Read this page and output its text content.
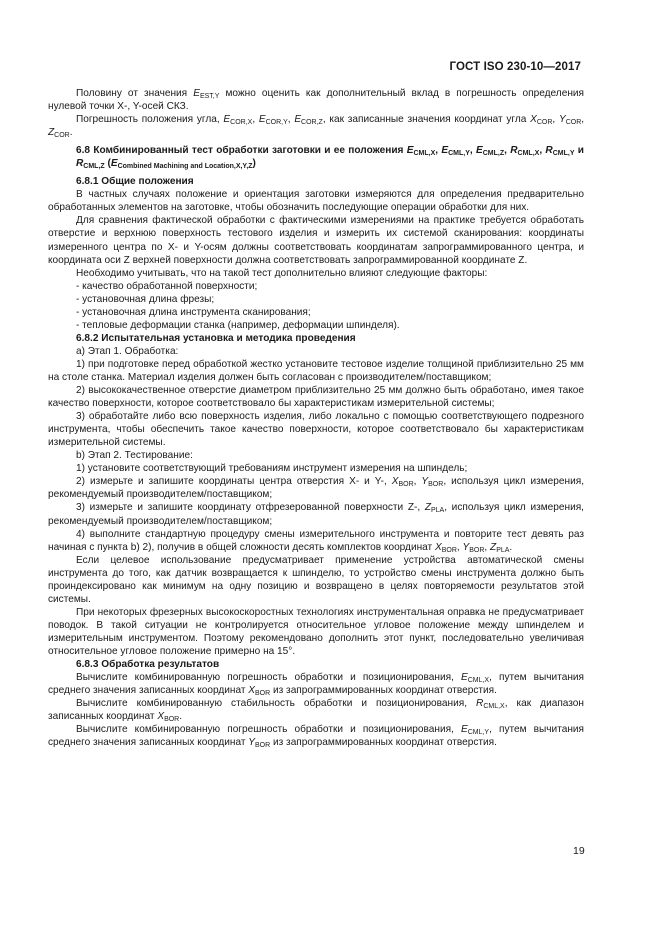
ГОСТ ISO 230-10—2017

Половину от значения $E_{EST,Y}$ можно оценить как дополнительный вклад в погрешность определения нулевой точки X-, Y-осей СКЗ.

Погрешность положения угла, $E_{COR,X}$, $E_{COR,Y}$, $E_{COR,Z}$, как записанные значения координат угла $X_{COR}$, $Y_{COR}$, $Z_{COR}$.

6.8 Комбинированный тест обработки заготовки и ее положения $E_{CML,X}$, $E_{CML,Y}$, $E_{CML,Z}$, $R_{CML,X}$, $R_{CML,Y}$ и $R_{CML,Z}$ $(E_{Combined Machining and Location,X,Y,Z})$

6.8.1 Общие положения

В частных случаях положение и ориентация заготовки измеряются для определения предварительно обработанных элементов на заготовке, чтобы обозначить последующие операции обработки для них.

Для сравнения фактической обработки с фактическими измерениями на практике требуется обработать отверстие и верхнюю поверхность тестового изделия и измерить их системой сканирования: координаты измеренного центра по X- и Y-осям должны соответствовать координатам запрограммированного центра, и координата оси Z верхней поверхности должна соответствовать запрограммированной координате Z.

Необходимо учитывать, что на такой тест дополнительно влияют следующие факторы:

- качество обработанной поверхности;

- установочная длина фрезы;

- установочная длина инструмента сканирования;

- тепловые деформации станка (например, деформации шпинделя).

6.8.2 Испытательная установка и методика проведения

a) Этап 1. Обработка:

1) при подготовке перед обработкой жестко установите тестовое изделие толщиной приблизительно 25 мм на столе станка. Материал изделия должен быть согласован с производителем/поставщиком;

2) высококачественное отверстие диаметром приблизительно 25 мм должно быть обработано, имея такое качество поверхности, которое соответствовало бы характеристикам измерительной системы;

3) обработайте либо всю поверхность изделия, либо локально с помощью соответствующего подрезного инструмента, чтобы обеспечить такое качество поверхности, которое соответствовало бы характеристикам измерительной системы.

b) Этап 2. Тестирование:

1) установите соответствующий требованиям инструмент измерения на шпиндель;

2) измерьте и запишите координаты центра отверстия X- и Y-, $X_{BOR}$, $Y_{BOR}$, используя цикл измерения, рекомендуемый производителем/поставщиком;

3) измерьте и запишите координату отфрезерованной поверхности Z-, $Z_{PLA}$, используя цикл измерения, рекомендуемый производителем/поставщиком;

4) выполните стандартную процедуру смены измерительного инструмента и повторите тест девять раз начиная с пункта b) 2), получив в общей сложности десять комплектов координат $X_{BOR}$, $Y_{BOR}$, $Z_{PLA}$.

Если целевое использование предусматривает применение устройства автоматической смены инструмента до того, как датчик возвращается к шпинделю, то устройство смены инструмента должно быть проиндексировано как минимум на одну позицию и возвращено в целях повторяемости результатов этой системы.

При некоторых фрезерных высокоскоростных технологиях инструментальная оправка не предусматривает поводок. В такой ситуации не контролируется относительное угловое положение между шпинделем и измерительным инструментом. Поэтому рекомендовано дополнить этот пункт, последовательно увеличивая относительное угловое положение примерно на 15°.

6.8.3 Обработка результатов

Вычислите комбинированную погрешность обработки и позиционирования, $E_{CML,X}$, путем вычитания среднего значения записанных координат $X_{BOR}$ из запрограммированных координат отверстия.

Вычислите комбинированную стабильность обработки и позиционирования, $R_{CML,X}$, как диапазон записанных координат $X_{BOR}$.

Вычислите комбинированную погрешность обработки и позиционирования, $E_{CML,Y}$, путем вычитания среднего значения записанных координат $Y_{BOR}$ из запрограммированных координат отверстия.

19
